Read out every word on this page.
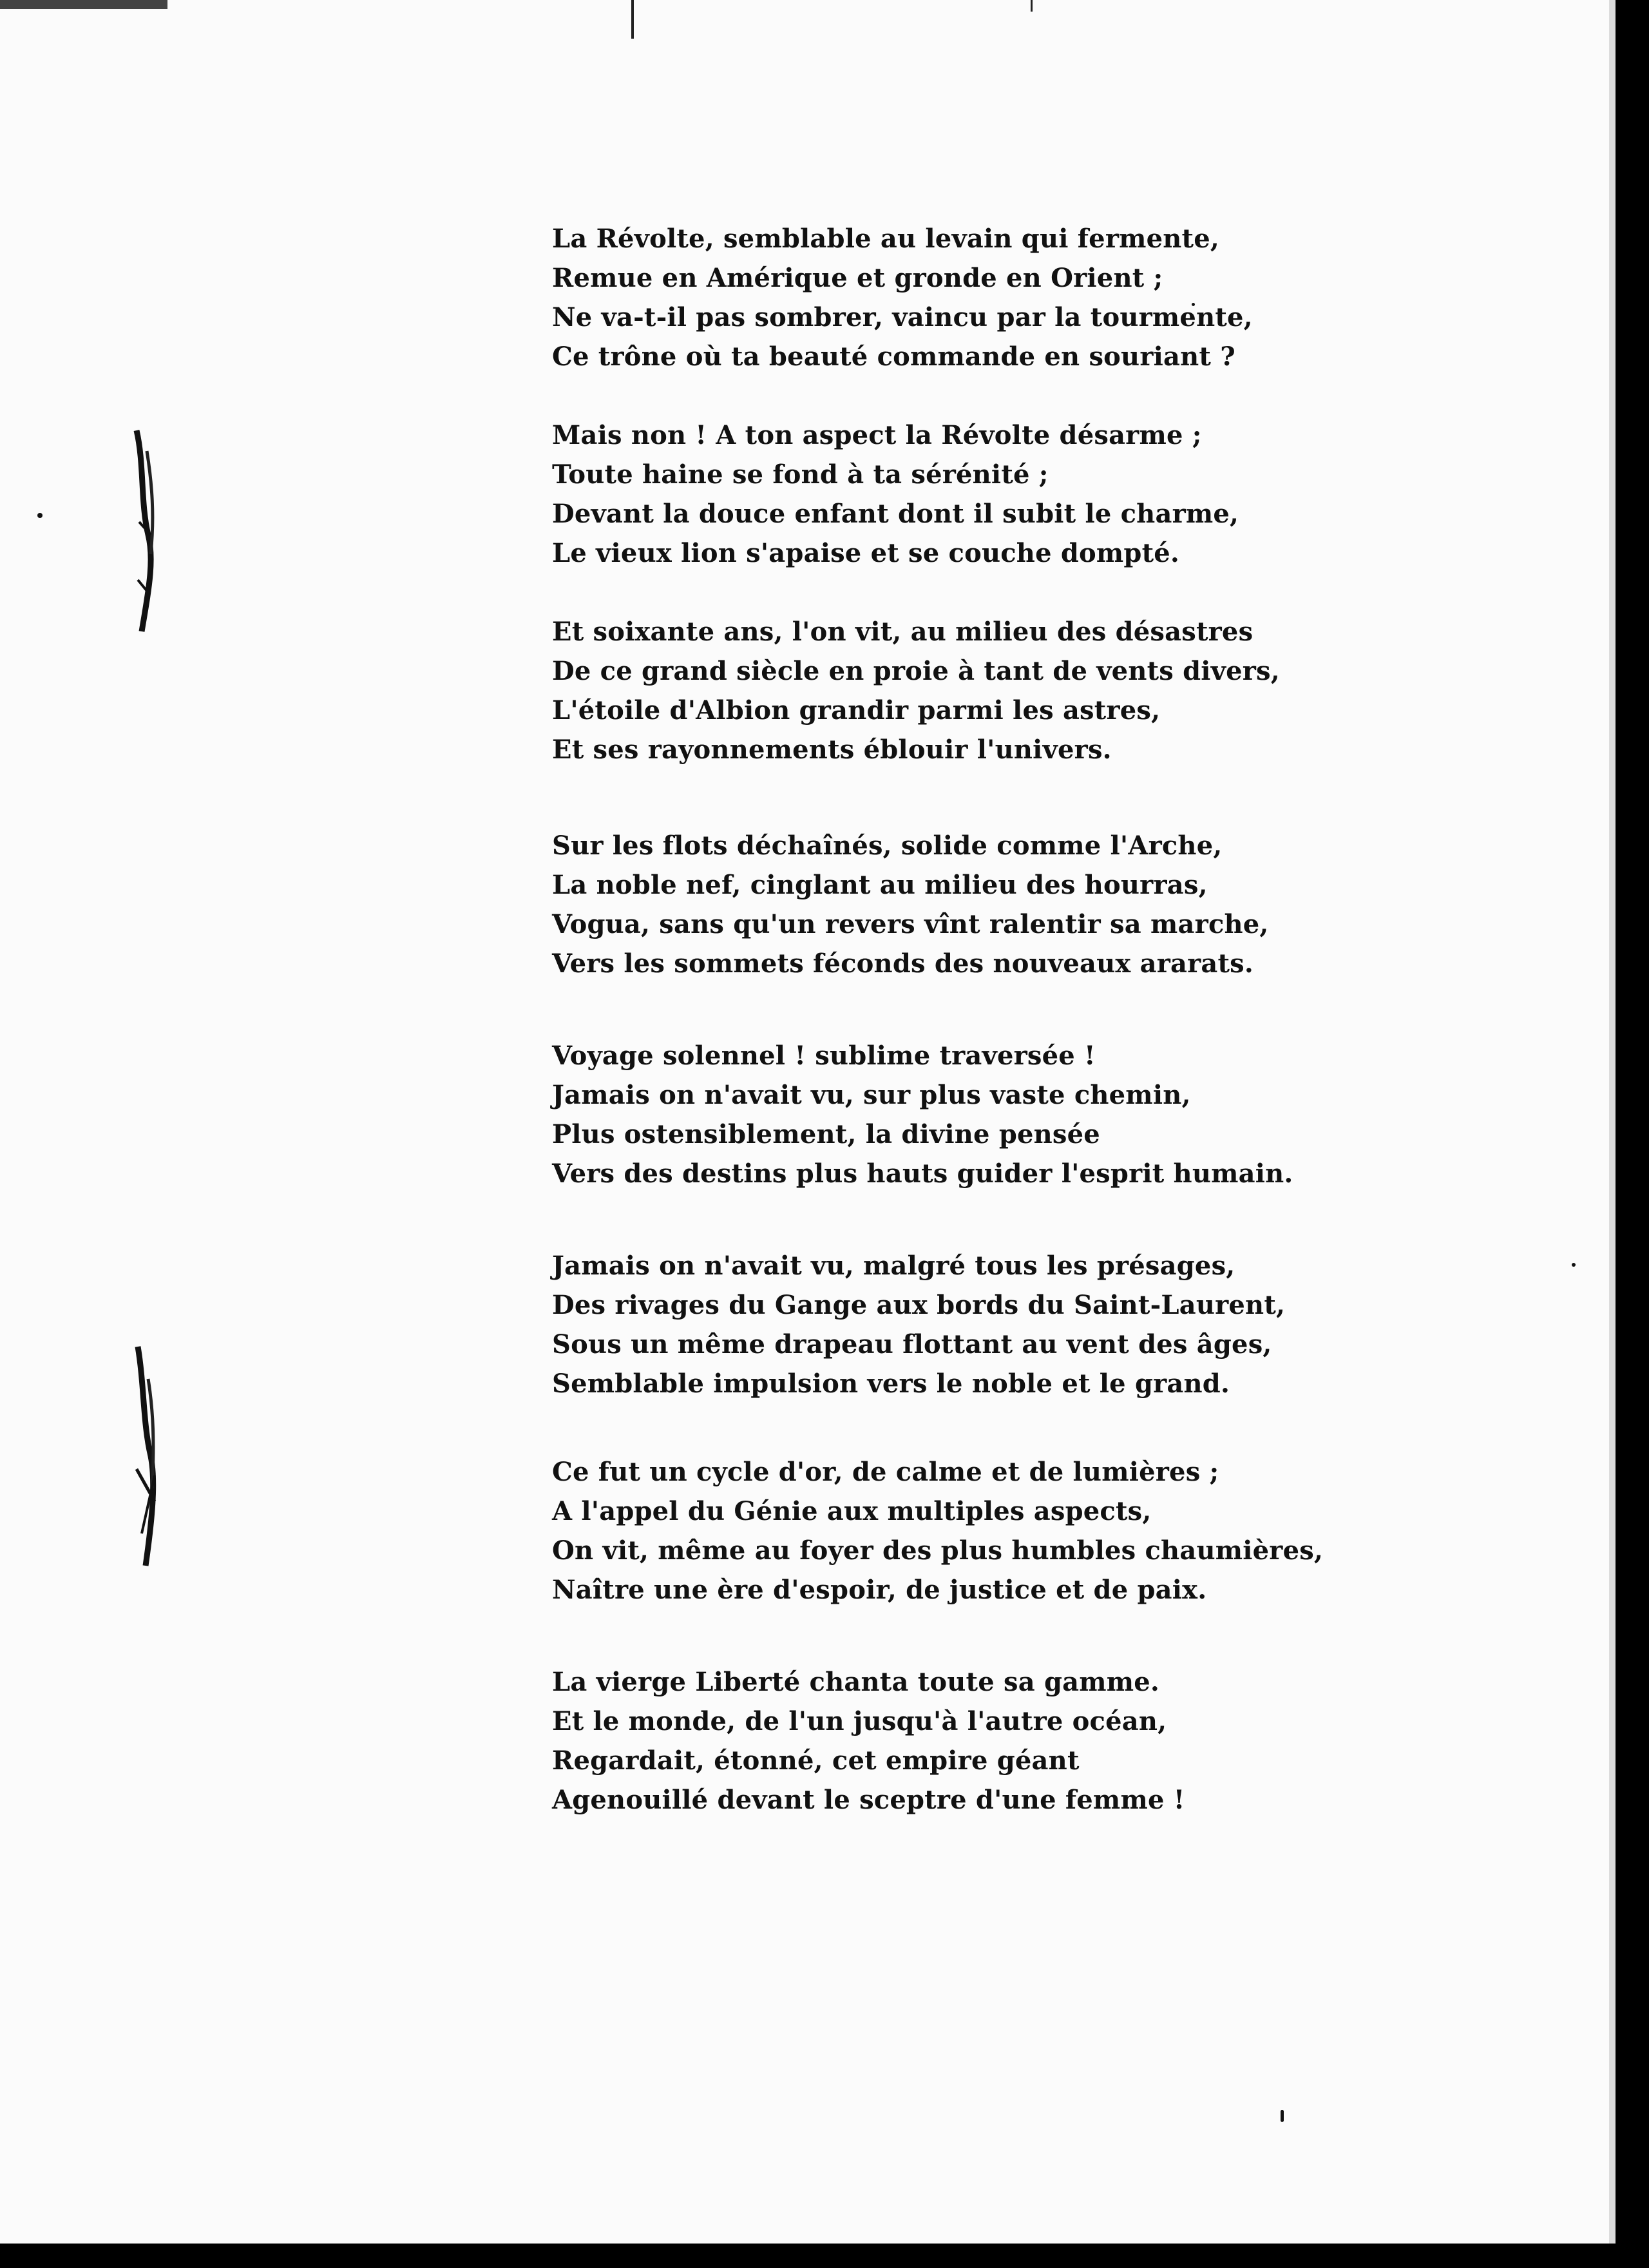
La Révolte, semblable au levain qui fermente,
Remue en Amérique et gronde en Orient ;
Ne va-t-il pas sombrer, vaincu par la tourmente,
Ce trône où ta beauté commande en souriant ?
Mais non ! A ton aspect la Révolte désarme ;
Toute haine se fond à ta sérénité ;
Devant la douce enfant dont il subit le charme,
Le vieux lion s'apaise et se couche dompté.
Et soixante ans, l'on vit, au milieu des désastres
De ce grand siècle en proie à tant de vents divers,
L'étoile d'Albion grandir parmi les astres,
Et ses rayonnements éblouir l'univers.
Sur les flots déchaînés, solide comme l'Arche,
La noble nef, cinglant au milieu des hourras,
Vogua, sans qu'un revers vînt ralentir sa marche,
Vers les sommets féconds des nouveaux ararats.
Voyage solennel ! sublime traversée !
Jamais on n'avait vu, sur plus vaste chemin,
Plus ostensiblement, la divine pensée
Vers des destins plus hauts guider l'esprit humain.
Jamais on n'avait vu, malgré tous les présages,
Des rivages du Gange aux bords du Saint-Laurent,
Sous un même drapeau flottant au vent des âges,
Semblable impulsion vers le noble et le grand.
Ce fut un cycle d'or, de calme et de lumières ;
A l'appel du Génie aux multiples aspects,
On vit, même au foyer des plus humbles chaumières,
Naître une ère d'espoir, de justice et de paix.
La vierge Liberté chanta toute sa gamme.
Et le monde, de l'un jusqu'à l'autre océan,
Regardait, étonné, cet empire géant
Agenouillé devant le sceptre d'une femme !
